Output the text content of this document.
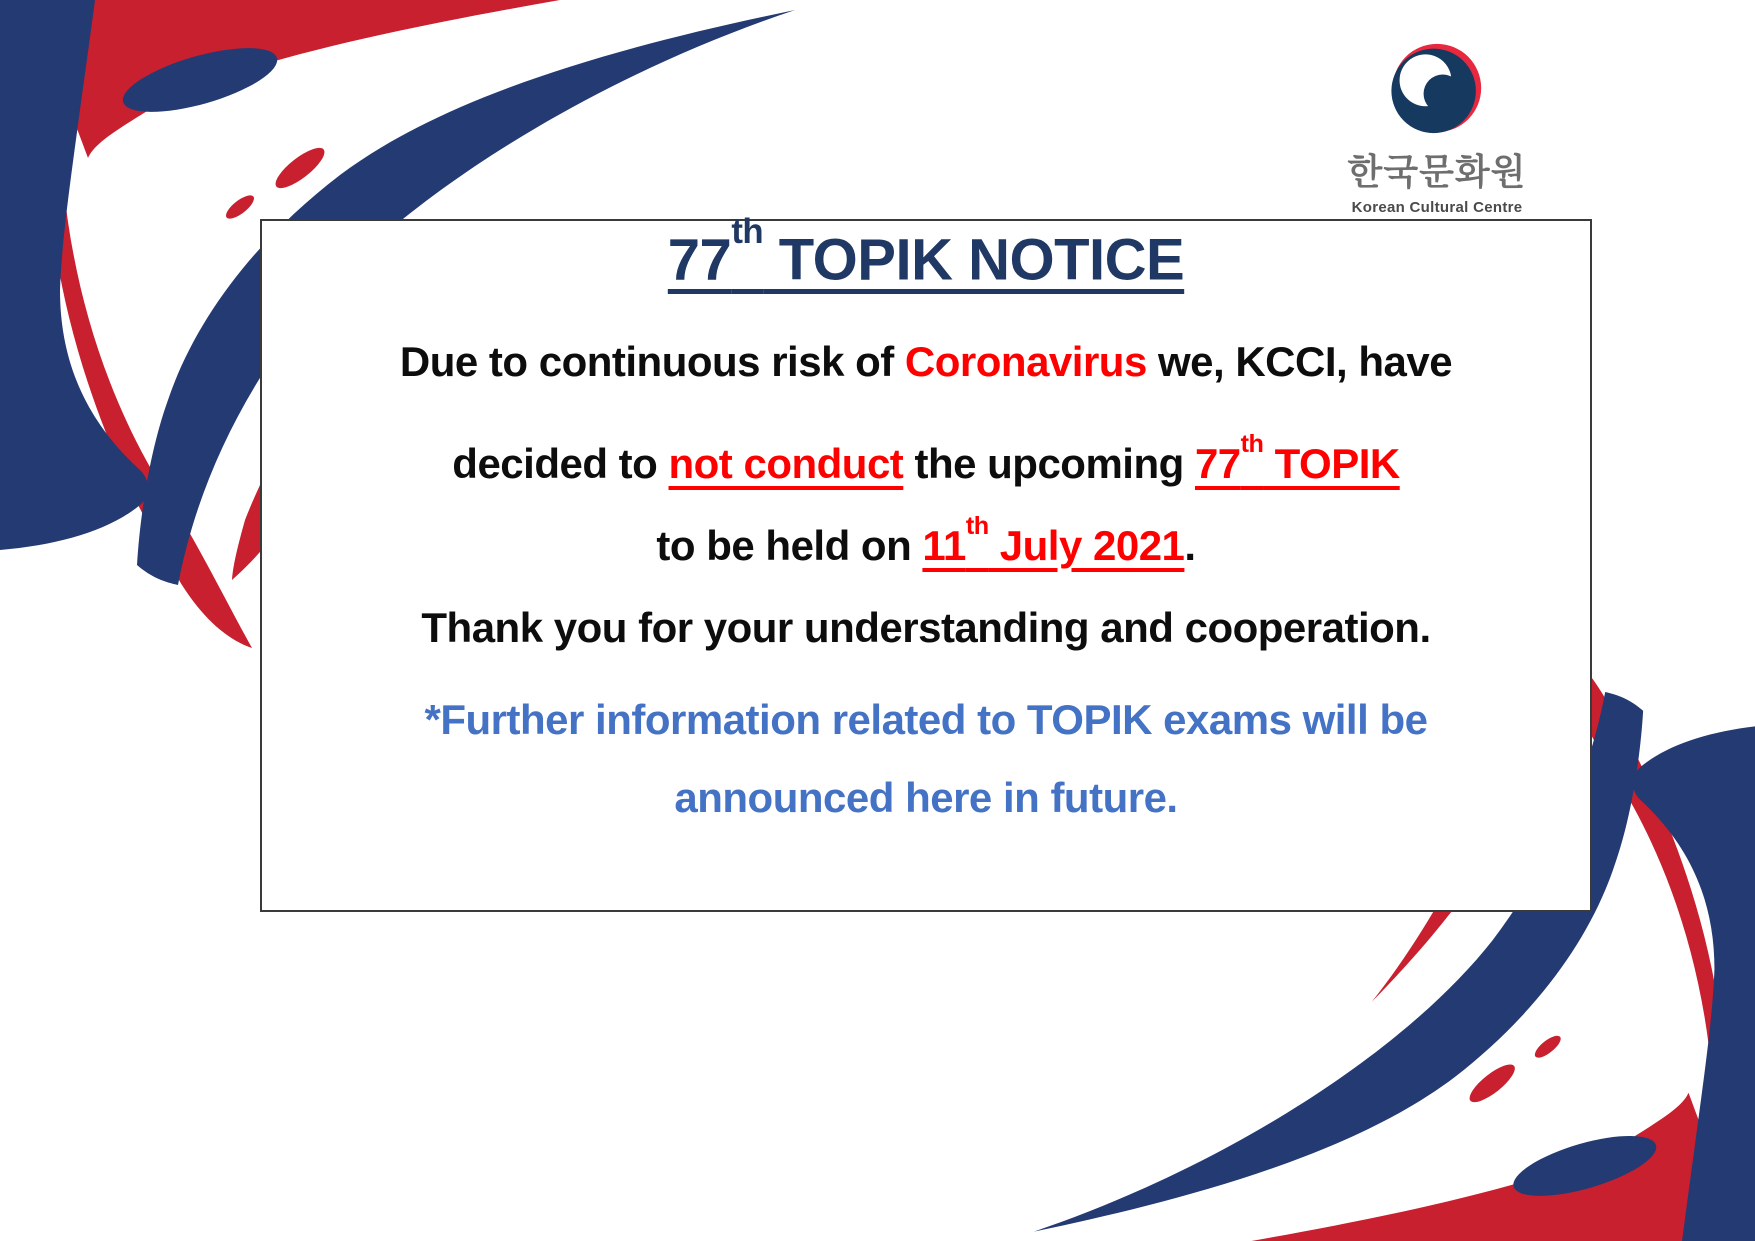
한국문화원
Korean Cultural Centre
77th TOPIK NOTICE
Due to continuous risk of Coronavirus we, KCCI, have
decided to not conduct the upcoming 77th TOPIK
to be held on 11th July 2021.
Thank you for your understanding and cooperation.
*Further information related to TOPIK exams will be
announced here in future.
